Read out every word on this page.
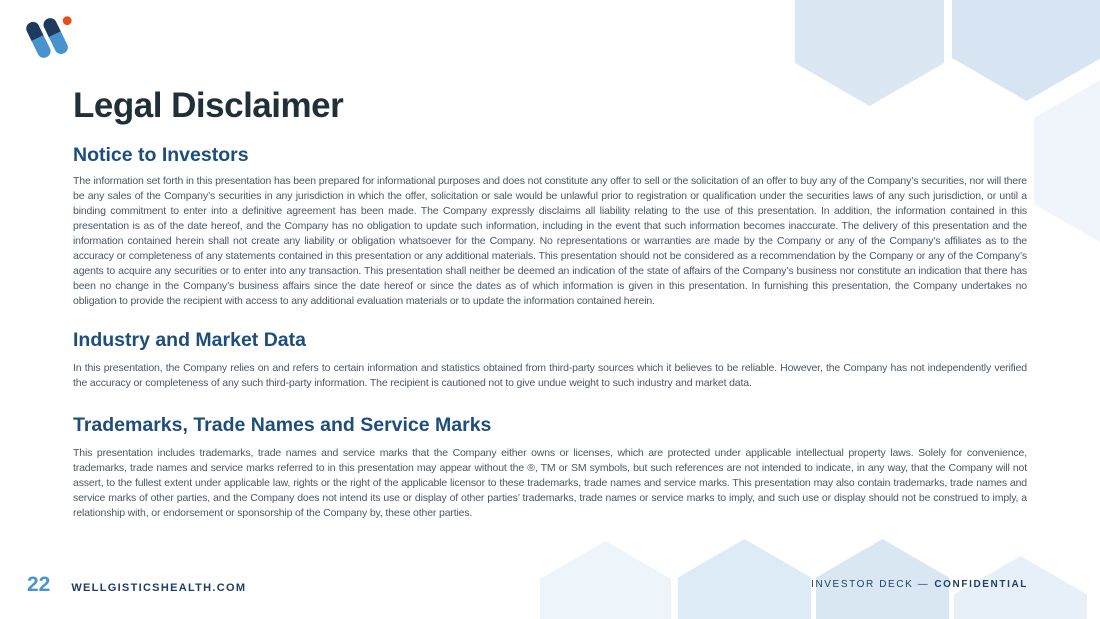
Legal Disclaimer
Notice to Investors

The information set forth in this presentation has been prepared for informational purposes and does not constitute any offer to sell or the solicitation of an offer to buy any of the Company’s securities, nor will there be any sales of the Company’s securities in any jurisdiction in which the offer, solicitation or sale would be unlawful prior to registration or qualification under the securities laws of any such jurisdiction, or until a binding commitment to enter into a definitive agreement has been made. The Company expressly disclaims all liability relating to the use of this presentation. In addition, the information contained in this presentation is as of the date hereof, and the Company has no obligation to update such information, including in the event that such information becomes inaccurate. The delivery of this presentation and the information contained herein shall not create any liability or obligation whatsoever for the Company. No representations or warranties are made by the Company or any of the Company’s affiliates as to the accuracy or completeness of any statements contained in this presentation or any additional materials. This presentation should not be considered as a recommendation by the Company or any of the Company’s agents to acquire any securities or to enter into any transaction. This presentation shall neither be deemed an indication of the state of affairs of the Company’s business nor constitute an indication that there has been no change in the Company’s business affairs since the date hereof or since the dates as of which information is given in this presentation. In furnishing this presentation, the Company undertakes no obligation to provide the recipient with access to any additional evaluation materials or to update the information contained herein.

Industry and Market Data

In this presentation, the Company relies on and refers to certain information and statistics obtained from third-party sources which it believes to be reliable. However, the Company has not independently verified the accuracy or completeness of any such third-party information. The recipient is cautioned not to give undue weight to such industry and market data.

Trademarks, Trade Names and Service Marks

This presentation includes trademarks, trade names and service marks that the Company either owns or licenses, which are protected under applicable intellectual property laws. Solely for convenience, trademarks, trade names and service marks referred to in this presentation may appear without the ®, TM or SM symbols, but such references are not intended to indicate, in any way, that the Company will not assert, to the fullest extent under applicable law, rights or the right of the applicable licensor to these trademarks, trade names and service marks. This presentation may also contain trademarks, trade names and service marks of other parties, and the Company does not intend its use or display of other parties’ trademarks, trade names or service marks to imply, and such use or display should not be construed to imply, a relationship with, or endorsement or sponsorship of the Company by, these other parties.

22 WELLGISTICSHEALTH.COM	INVESTOR DECK — CONFIDENTIAL
